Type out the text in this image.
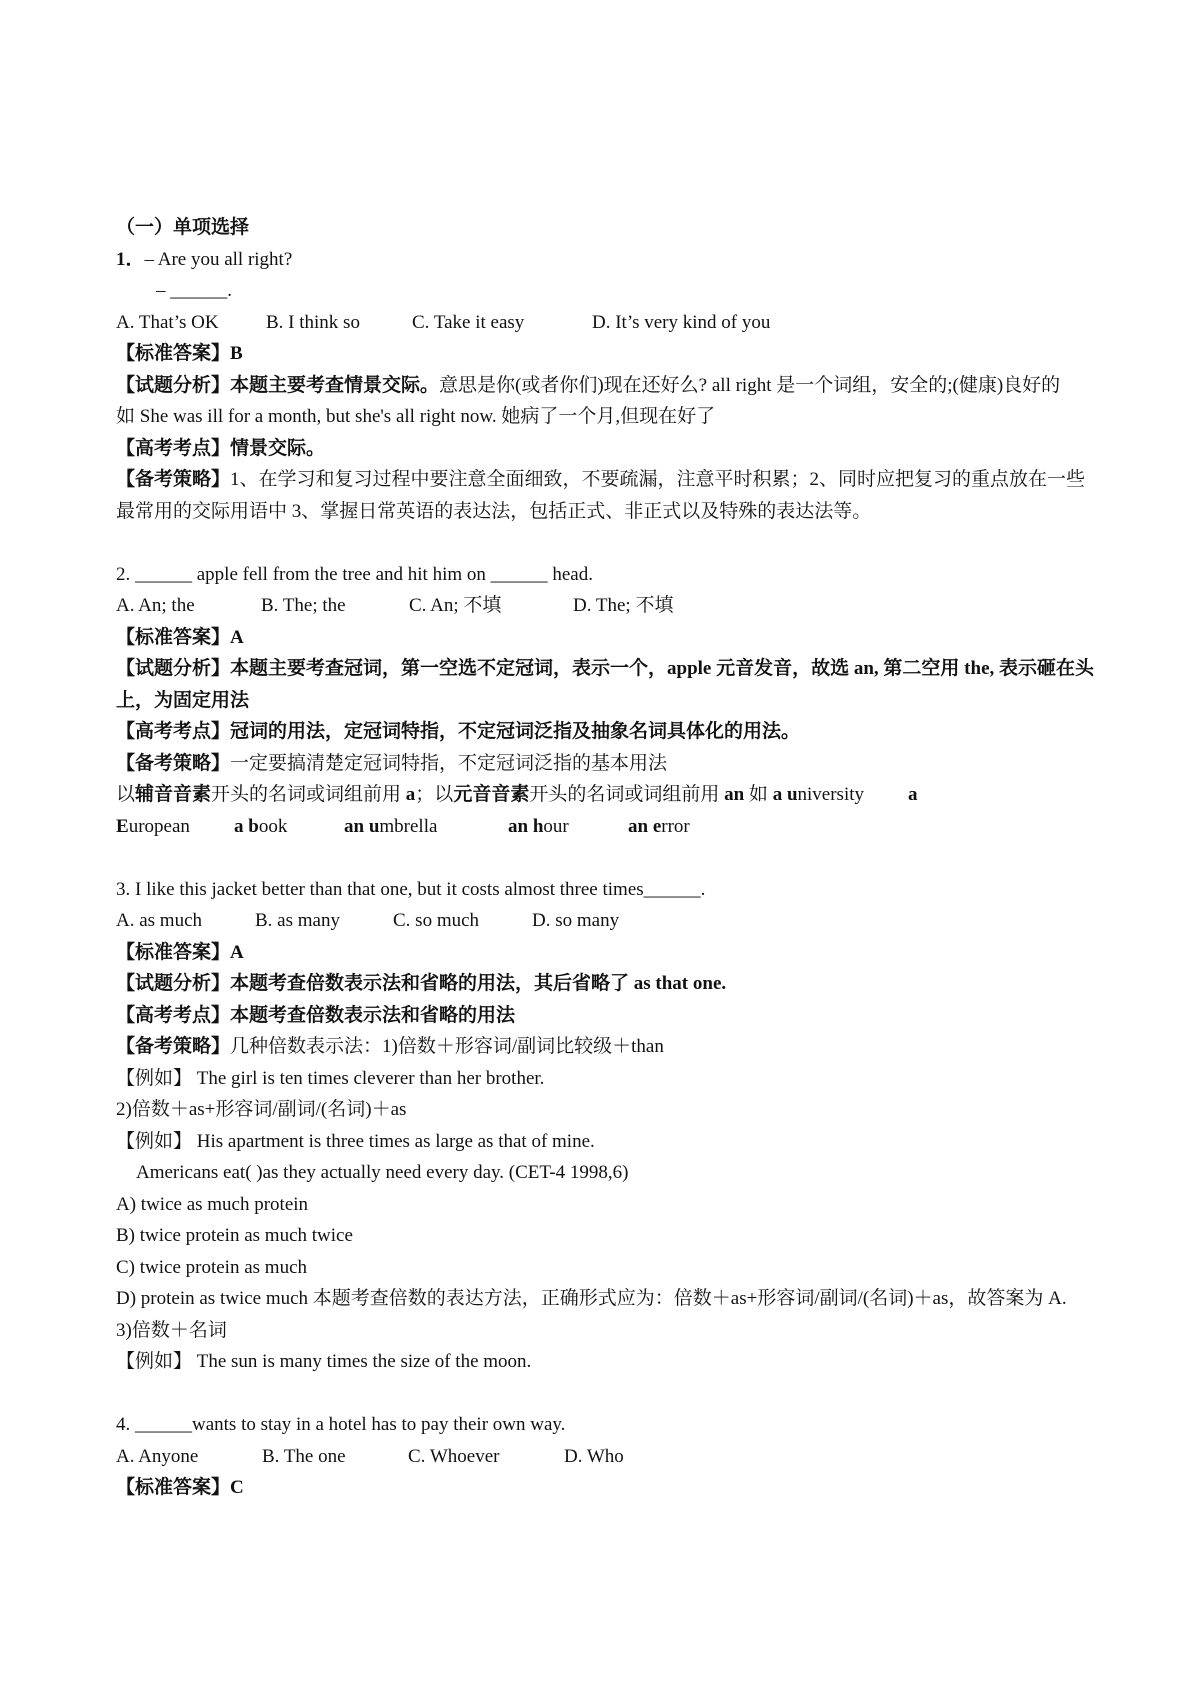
（一）单项选择
1．– Are you all right?
– ______.
A. That’s OK B. I think so	C. Take it easy	D. It’s very kind of you
【标准答案】B
【试题分析】本题主要考查情景交际。意思是你(或者你们)现在还好么? all right 是一个词组，安全的;(健康)良好的
如 She was ill for a month, but she's all right now. 她病了一个月,但现在好了
【高考考点】情景交际。
【备考策略】1、在学习和复习过程中要注意全面细致，不要疏漏，注意平时积累；2、同时应把复习的重点放在一些最常用的交际用语中 3、掌握日常英语的表达法，包括正式、非正式以及特殊的表达法等。
2. ______ apple fell from the tree and hit him on ______ head.
A. An; the	B. The; the	C. An; 不填	D. The; 不填
【标准答案】A
【试题分析】本题主要考查冠词，第一空选不定冠词，表示一个，apple 元音发音，故选 an, 第二空用 the, 表示砸在头上，为固定用法
【高考考点】冠词的用法，定冠词特指，不定冠词泛指及抽象名词具体化的用法。
【备考策略】一定要搞清楚定冠词特指，不定冠词泛指的基本用法
以辅音音素开头的名词或词组前用 a；以元音音素开头的名词或词组前用 an 如 a university a
European a book	an umbrella	an hour	an error
3. I like this jacket better than that one, but it costs almost three times______.
A. as much	B. as many	C. so much	D. so many
【标准答案】A
【试题分析】本题考查倍数表示法和省略的用法，其后省略了 as that one.
【高考考点】本题考查倍数表示法和省略的用法
【备考策略】几种倍数表示法：1)倍数＋形容词/副词比较级＋than
【例如】 The girl is ten times cleverer than her brother.
2)倍数＋as+形容词/副词/(名词)＋as
【例如】 His apartment is three times as large as that of mine.
Americans eat( )as they actually need every day. (CET-4 1998,6)
A) twice as much protein
B) twice protein as much twice
C) twice protein as much
D) protein as twice much 本题考查倍数的表达方法，正确形式应为：倍数＋as+形容词/副词/(名词)＋as，故答案为 A.
3)倍数＋名词
【例如】 The sun is many times the size of the moon.
4. ______wants to stay in a hotel has to pay their own way.
A. Anyone	B. The one	C. Whoever	D. Who
【标准答案】C
